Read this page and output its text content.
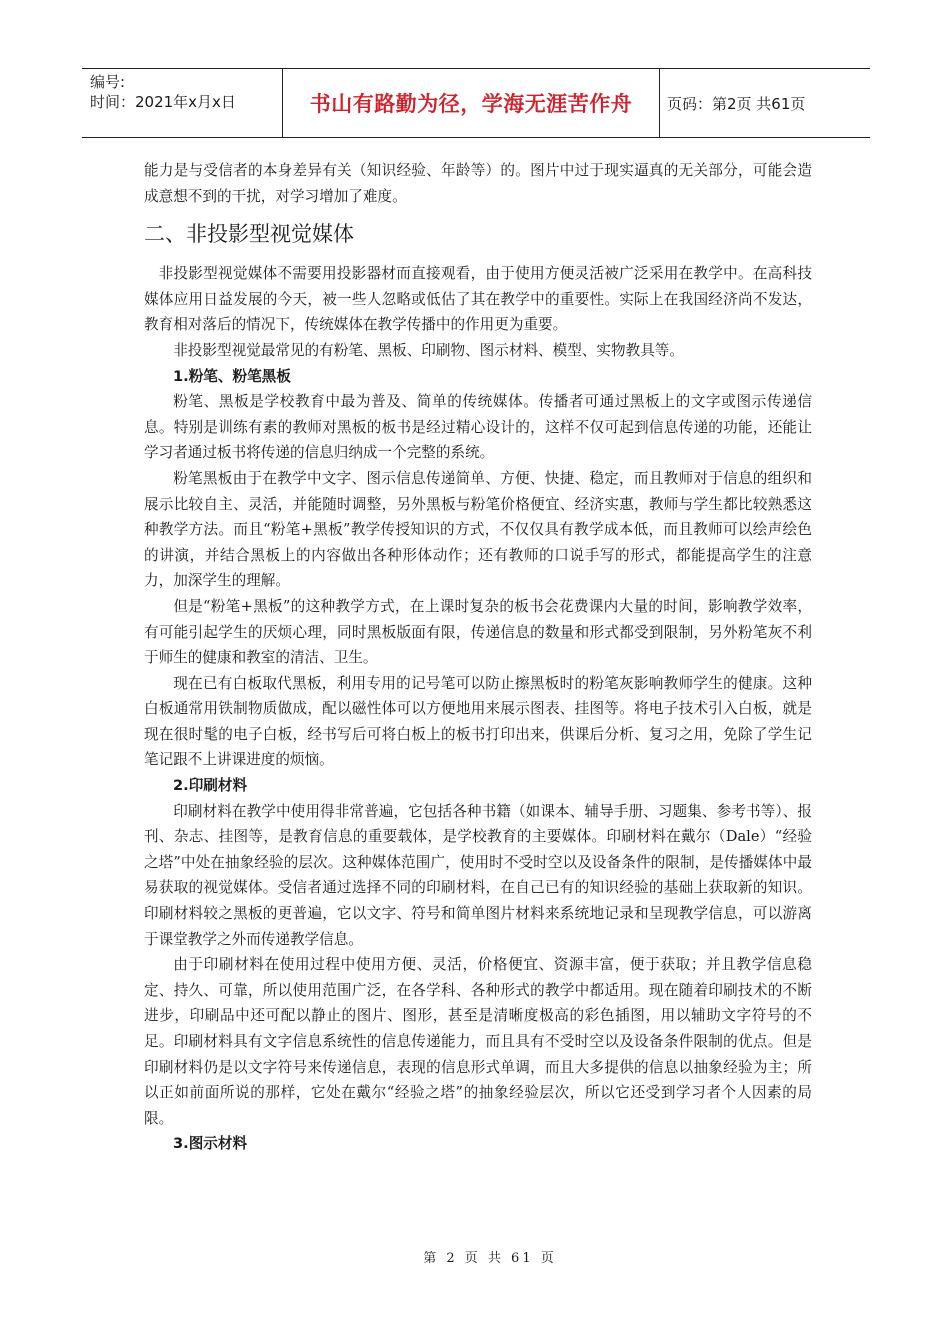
编号:
时间：2021年x月x日	书山有路勤为径，学海无涯苦作舟	页码：第2页 共61页

能力是与受信者的本身差异有关（知识经验、年龄等）的。图片中过于现实逼真的无关部分，可能会造成意想不到的干扰，对学习增加了难度。

二、非投影型视觉媒体

非投影型视觉媒体不需要用投影器材而直接观看，由于使用方便灵活被广泛采用在教学中。在高科技媒体应用日益发展的今天，被一些人忽略或低估了其在教学中的重要性。实际上在我国经济尚不发达，教育相对落后的情况下，传统媒体在教学传播中的作用更为重要。

非投影型视觉最常见的有粉笔、黑板、印刷物、图示材料、模型、实物教具等。

1.粉笔、粉笔黑板

粉笔、黑板是学校教育中最为普及、简单的传统媒体。传播者可通过黑板上的文字或图示传递信息。特别是训练有素的教师对黑板的板书是经过精心设计的，这样不仅可起到信息传递的功能，还能让学习者通过板书将传递的信息归纳成一个完整的系统。

粉笔黑板由于在教学中文字、图示信息传递简单、方便、快捷、稳定，而且教师对于信息的组织和展示比较自主、灵活，并能随时调整，另外黑板与粉笔价格便宜、经济实惠，教师与学生都比较熟悉这种教学方法。而且“粉笔+黑板”教学传授知识的方式，不仅仅具有教学成本低，而且教师可以绘声绘色的讲演，并结合黑板上的内容做出各种形体动作；还有教师的口说手写的形式，都能提高学生的注意力，加深学生的理解。

但是“粉笔+黑板”的这种教学方式，在上课时复杂的板书会花费课内大量的时间，影响教学效率，有可能引起学生的厌烦心理，同时黑板版面有限，传递信息的数量和形式都受到限制，另外粉笔灰不利于师生的健康和教室的清洁、卫生。

现在已有白板取代黑板，利用专用的记号笔可以防止擦黑板时的粉笔灰影响教师学生的健康。这种白板通常用铁制物质做成，配以磁性体可以方便地用来展示图表、挂图等。将电子技术引入白板，就是现在很时髦的电子白板，经书写后可将白板上的板书打印出来，供课后分析、复习之用，免除了学生记笔记跟不上讲课进度的烦恼。

2.印刷材料

印刷材料在教学中使用得非常普遍，它包括各种书籍（如课本、辅导手册、习题集、参考书等）、报刊、杂志、挂图等，是教育信息的重要载体，是学校教育的主要媒体。印刷材料在戴尔（Dale）“经验之塔”中处在抽象经验的层次。这种媒体范围广，使用时不受时空以及设备条件的限制，是传播媒体中最易获取的视觉媒体。受信者通过选择不同的印刷材料，在自己已有的知识经验的基础上获取新的知识。印刷材料较之黑板的更普遍，它以文字、符号和简单图片材料来系统地记录和呈现教学信息，可以游离于课堂教学之外而传递教学信息。

由于印刷材料在使用过程中使用方便、灵活，价格便宜、资源丰富，便于获取；并且教学信息稳定、持久、可靠，所以使用范围广泛，在各学科、各种形式的教学中都适用。现在随着印刷技术的不断进步，印刷品中还可配以静止的图片、图形，甚至是清晰度极高的彩色插图，用以辅助文字符号的不足。印刷材料具有文字信息系统性的信息传递能力，而且具有不受时空以及设备条件限制的优点。但是印刷材料仍是以文字符号来传递信息，表现的信息形式单调，而且大多提供的信息以抽象经验为主；所以正如前面所说的那样，它处在戴尔“经验之塔”的抽象经验层次，所以它还受到学习者个人因素的局限。

3.图示材料
第 2 页 共 61 页
